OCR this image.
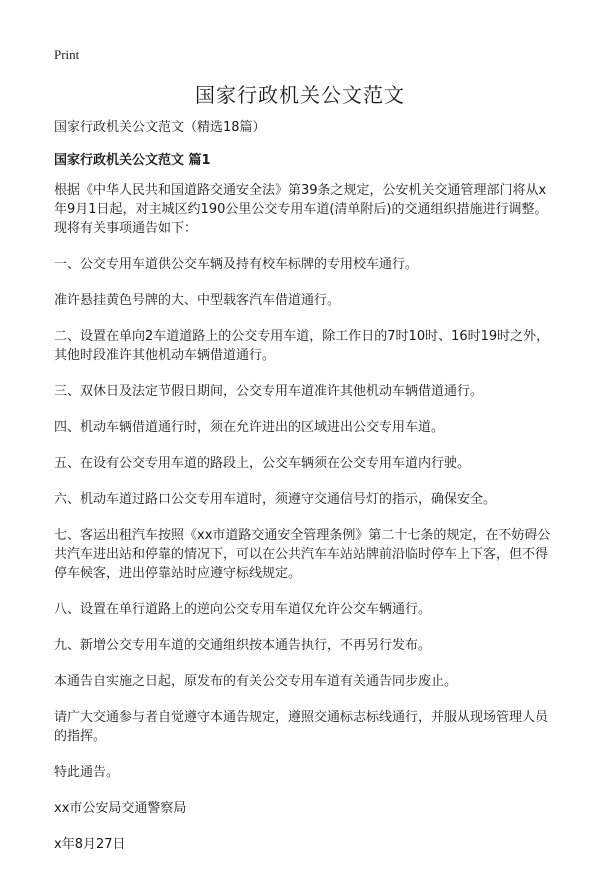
Print
国家行政机关公文范文

国家行政机关公文范文（精选18篇）

国家行政机关公文范文 篇1

根据《中华人民共和国道路交通安全法》第39条之规定，公安机关交通管理部门将从x年9月1日起，对主城区约190公里公交专用车道(清单附后)的交通组织措施进行调整。现将有关事项通告如下：

一、公交专用车道供公交车辆及持有校车标牌的专用校车通行。

准许悬挂黄色号牌的大、中型载客汽车借道通行。

二、设置在单向2车道道路上的公交专用车道，除工作日的7时10时、16时19时之外，其他时段准许其他机动车辆借道通行。

三、双休日及法定节假日期间，公交专用车道准许其他机动车辆借道通行。

四、机动车辆借道通行时，须在允许进出的区域进出公交专用车道。

五、在设有公交专用车道的路段上，公交车辆须在公交专用车道内行驶。

六、机动车道过路口公交专用车道时，须遵守交通信号灯的指示，确保安全。

七、客运出租汽车按照《xx市道路交通安全管理条例》第二十七条的规定，在不妨碍公共汽车进出站和停靠的情况下，可以在公共汽车车站站牌前沿临时停车上下客，但不得停车候客，进出停靠站时应遵守标线规定。

八、设置在单行道路上的逆向公交专用车道仅允许公交车辆通行。

九、新增公交专用车道的交通组织按本通告执行，不再另行发布。

本通告自实施之日起，原发布的有关公交专用车道有关通告同步废止。

请广大交通参与者自觉遵守本通告规定，遵照交通标志标线通行，并服从现场管理人员的指挥。

特此通告。

xx市公安局交通警察局

x年8月27日
